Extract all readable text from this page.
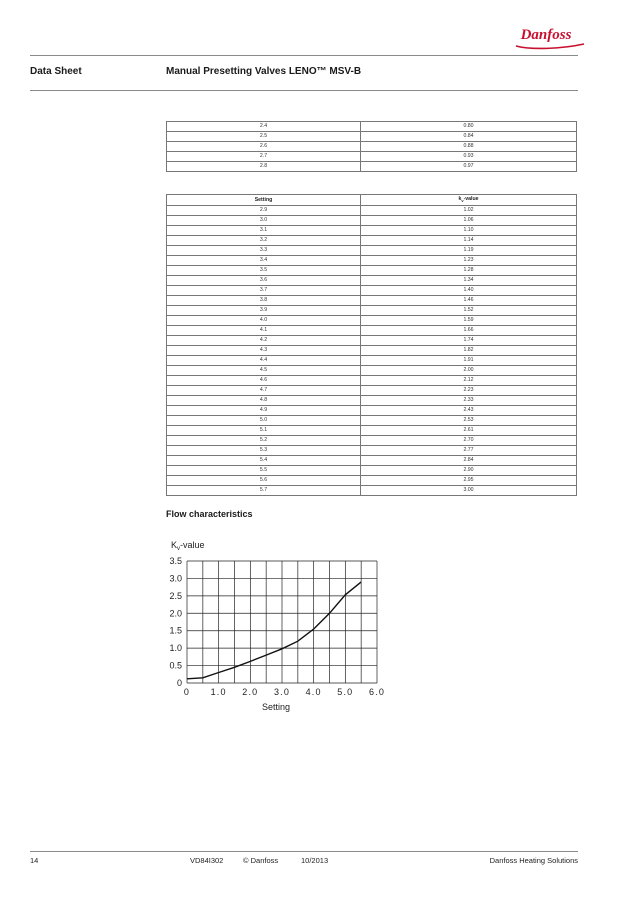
Danfoss
Data Sheet	Manual Presetting Valves LENO™ MSV-B
2.4	0.80
2.5	0.84
2.6	0.88
2.7	0.93
2.8	0.97
Setting	$k_v$-value
2.9	1.02
3.0	1.06
3.1	1.10
3.2	1.14
3.3	1.19
3.4	1.23
3.5	1.28
3.6	1.34
3.7	1.40
3.8	1.46
3.9	1.52
4.0	1.59
4.1	1.66
4.2	1.74
4.3	1.82
4.4	1.91
4.5	2.00
4.6	2.12
4.7	2.23
4.8	2.33
4.9	2.43
5.0	2.53
5.1	2.61
5.2	2.70
5.3	2.77
5.4	2.84
5.5	2.90
5.6	2.95
5.7	3.00
Flow characteristics
$K_v$-value
0 1.0 2.0 3.0 4.0 5.0 6.0
0
0.5
1.0
1.5
2.0
2.5
3.0
3.5
Setting
14	VD84I302	© Danfoss	10/2013	Danfoss Heating Solutions
